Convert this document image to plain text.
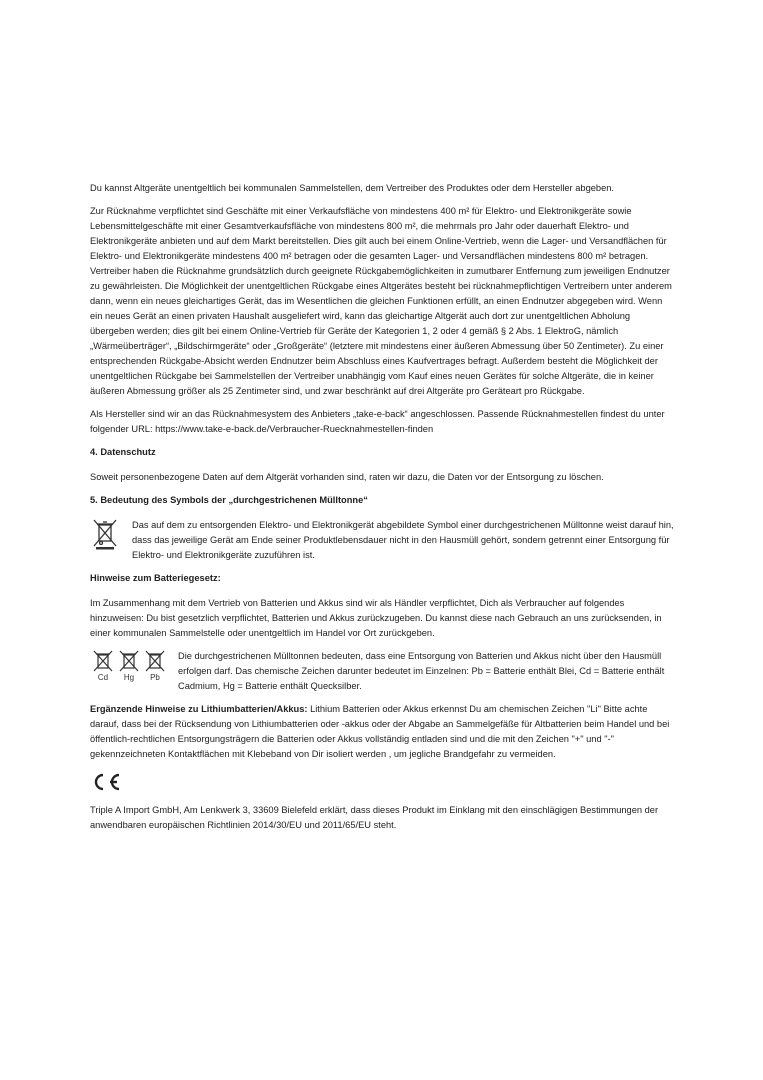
Du kannst Altgeräte unentgeltlich bei kommunalen Sammelstellen, dem Vertreiber des Produktes oder dem Hersteller abgeben.

Zur Rücknahme verpflichtet sind Geschäfte mit einer Verkaufsfläche von mindestens 400 m² für Elektro- und Elektronikgeräte sowie Lebensmittelgeschäfte mit einer Gesamtverkaufsfläche von mindestens 800 m², die mehrmals pro Jahr oder dauerhaft Elektro- und Elektronikgeräte anbieten und auf dem Markt bereitstellen. Dies gilt auch bei einem Online-Vertrieb, wenn die Lager- und Versandflächen für Elektro- und Elektronikgeräte mindestens 400 m² betragen oder die gesamten Lager- und Versandflächen mindestens 800 m² betragen. Vertreiber haben die Rücknahme grundsätzlich durch geeignete Rückgabemöglichkeiten in zumutbarer Entfernung zum jeweiligen Endnutzer zu gewährleisten. Die Möglichkeit der unentgeltlichen Rückgabe eines Altgerätes besteht bei rücknahmepflichtigen Vertreibern unter anderem dann, wenn ein neues gleichartiges Gerät, das im Wesentlichen die gleichen Funktionen erfüllt, an einen Endnutzer abgegeben wird. Wenn ein neues Gerät an einen privaten Haushalt ausgeliefert wird, kann das gleichartige Altgerät auch dort zur unentgeltlichen Abholung übergeben werden; dies gilt bei einem Online-Vertrieb für Geräte der Kategorien 1, 2 oder 4 gemäß § 2 Abs. 1 ElektroG, nämlich „Wärmeüberträger“, „Bildschirmgeräte“ oder „Großgeräte“ (letztere mit mindestens einer äußeren Abmessung über 50 Zentimeter). Zu einer entsprechenden Rückgabe-Absicht werden Endnutzer beim Abschluss eines Kaufvertrages befragt. Außerdem besteht die Möglichkeit der unentgeltlichen Rückgabe bei Sammelstellen der Vertreiber unabhängig vom Kauf eines neuen Gerätes für solche Altgeräte, die in keiner äußeren Abmessung größer als 25 Zentimeter sind, und zwar beschränkt auf drei Altgeräte pro Geräteart pro Rückgabe.

Als Hersteller sind wir an das Rücknahmesystem des Anbieters „take-e-back“ angeschlossen. Passende Rücknahmestellen findest du unter folgender URL: https://www.take-e-back.de/Verbraucher-Ruecknahmestellen-finden

4. Datenschutz

Soweit personenbezogene Daten auf dem Altgerät vorhanden sind, raten wir dazu, die Daten vor der Entsorgung zu löschen.

5. Bedeutung des Symbols der „durchgestrichenen Mülltonne“
Das auf dem zu entsorgenden Elektro- und Elektronikgerät abgebildete Symbol einer durchgestrichenen Mülltonne weist darauf hin, dass das jeweilige Gerät am Ende seiner Produktlebensdauer nicht in den Hausmüll gehört, sondern getrennt einer Entsorgung für Elektro- und Elektronikgeräte zuzuführen ist.
Hinweise zum Batteriegesetz:

Im Zusammenhang mit dem Vertrieb von Batterien und Akkus sind wir als Händler verpflichtet, Dich als Verbraucher auf folgendes hinzuweisen: Du bist gesetzlich verpflichtet, Batterien und Akkus zurückzugeben. Du kannst diese nach Gebrauch an uns zurücksenden, in einer kommunalen Sammelstelle oder unentgeltlich im Handel vor Ort zurückgeben.

Cd Hg Pb
Die durchgestrichenen Mülltonnen bedeuten, dass eine Entsorgung von Batterien und Akkus nicht über den Hausmüll erfolgen darf. Das chemische Zeichen darunter bedeutet im Einzelnen: Pb = Batterie enthält Blei, Cd = Batterie enthält Cadmium, Hg = Batterie enthält Quecksilber.

Ergänzende Hinweise zu Lithiumbatterien/Akkus: Lithium Batterien oder Akkus erkennst Du am chemischen Zeichen "Li" Bitte achte darauf, dass bei der Rücksendung von Lithiumbatterien oder -akkus oder der Abgabe an Sammelgefäße für Altbatterien beim Handel und bei öffentlich-rechtlichen Entsorgungsträgern die Batterien oder Akkus vollständig entladen sind und die mit den Zeichen "+" und "-" gekennzeichneten Kontaktflächen mit Klebeband von Dir isoliert werden , um jegliche Brandgefahr zu vermeiden.

Triple A Import GmbH, Am Lenkwerk 3, 33609 Bielefeld erklärt, dass dieses Produkt im Einklang mit den einschlägigen Bestimmungen der anwendbaren europäischen Richtlinien 2014/30/EU und 2011/65/EU steht.
